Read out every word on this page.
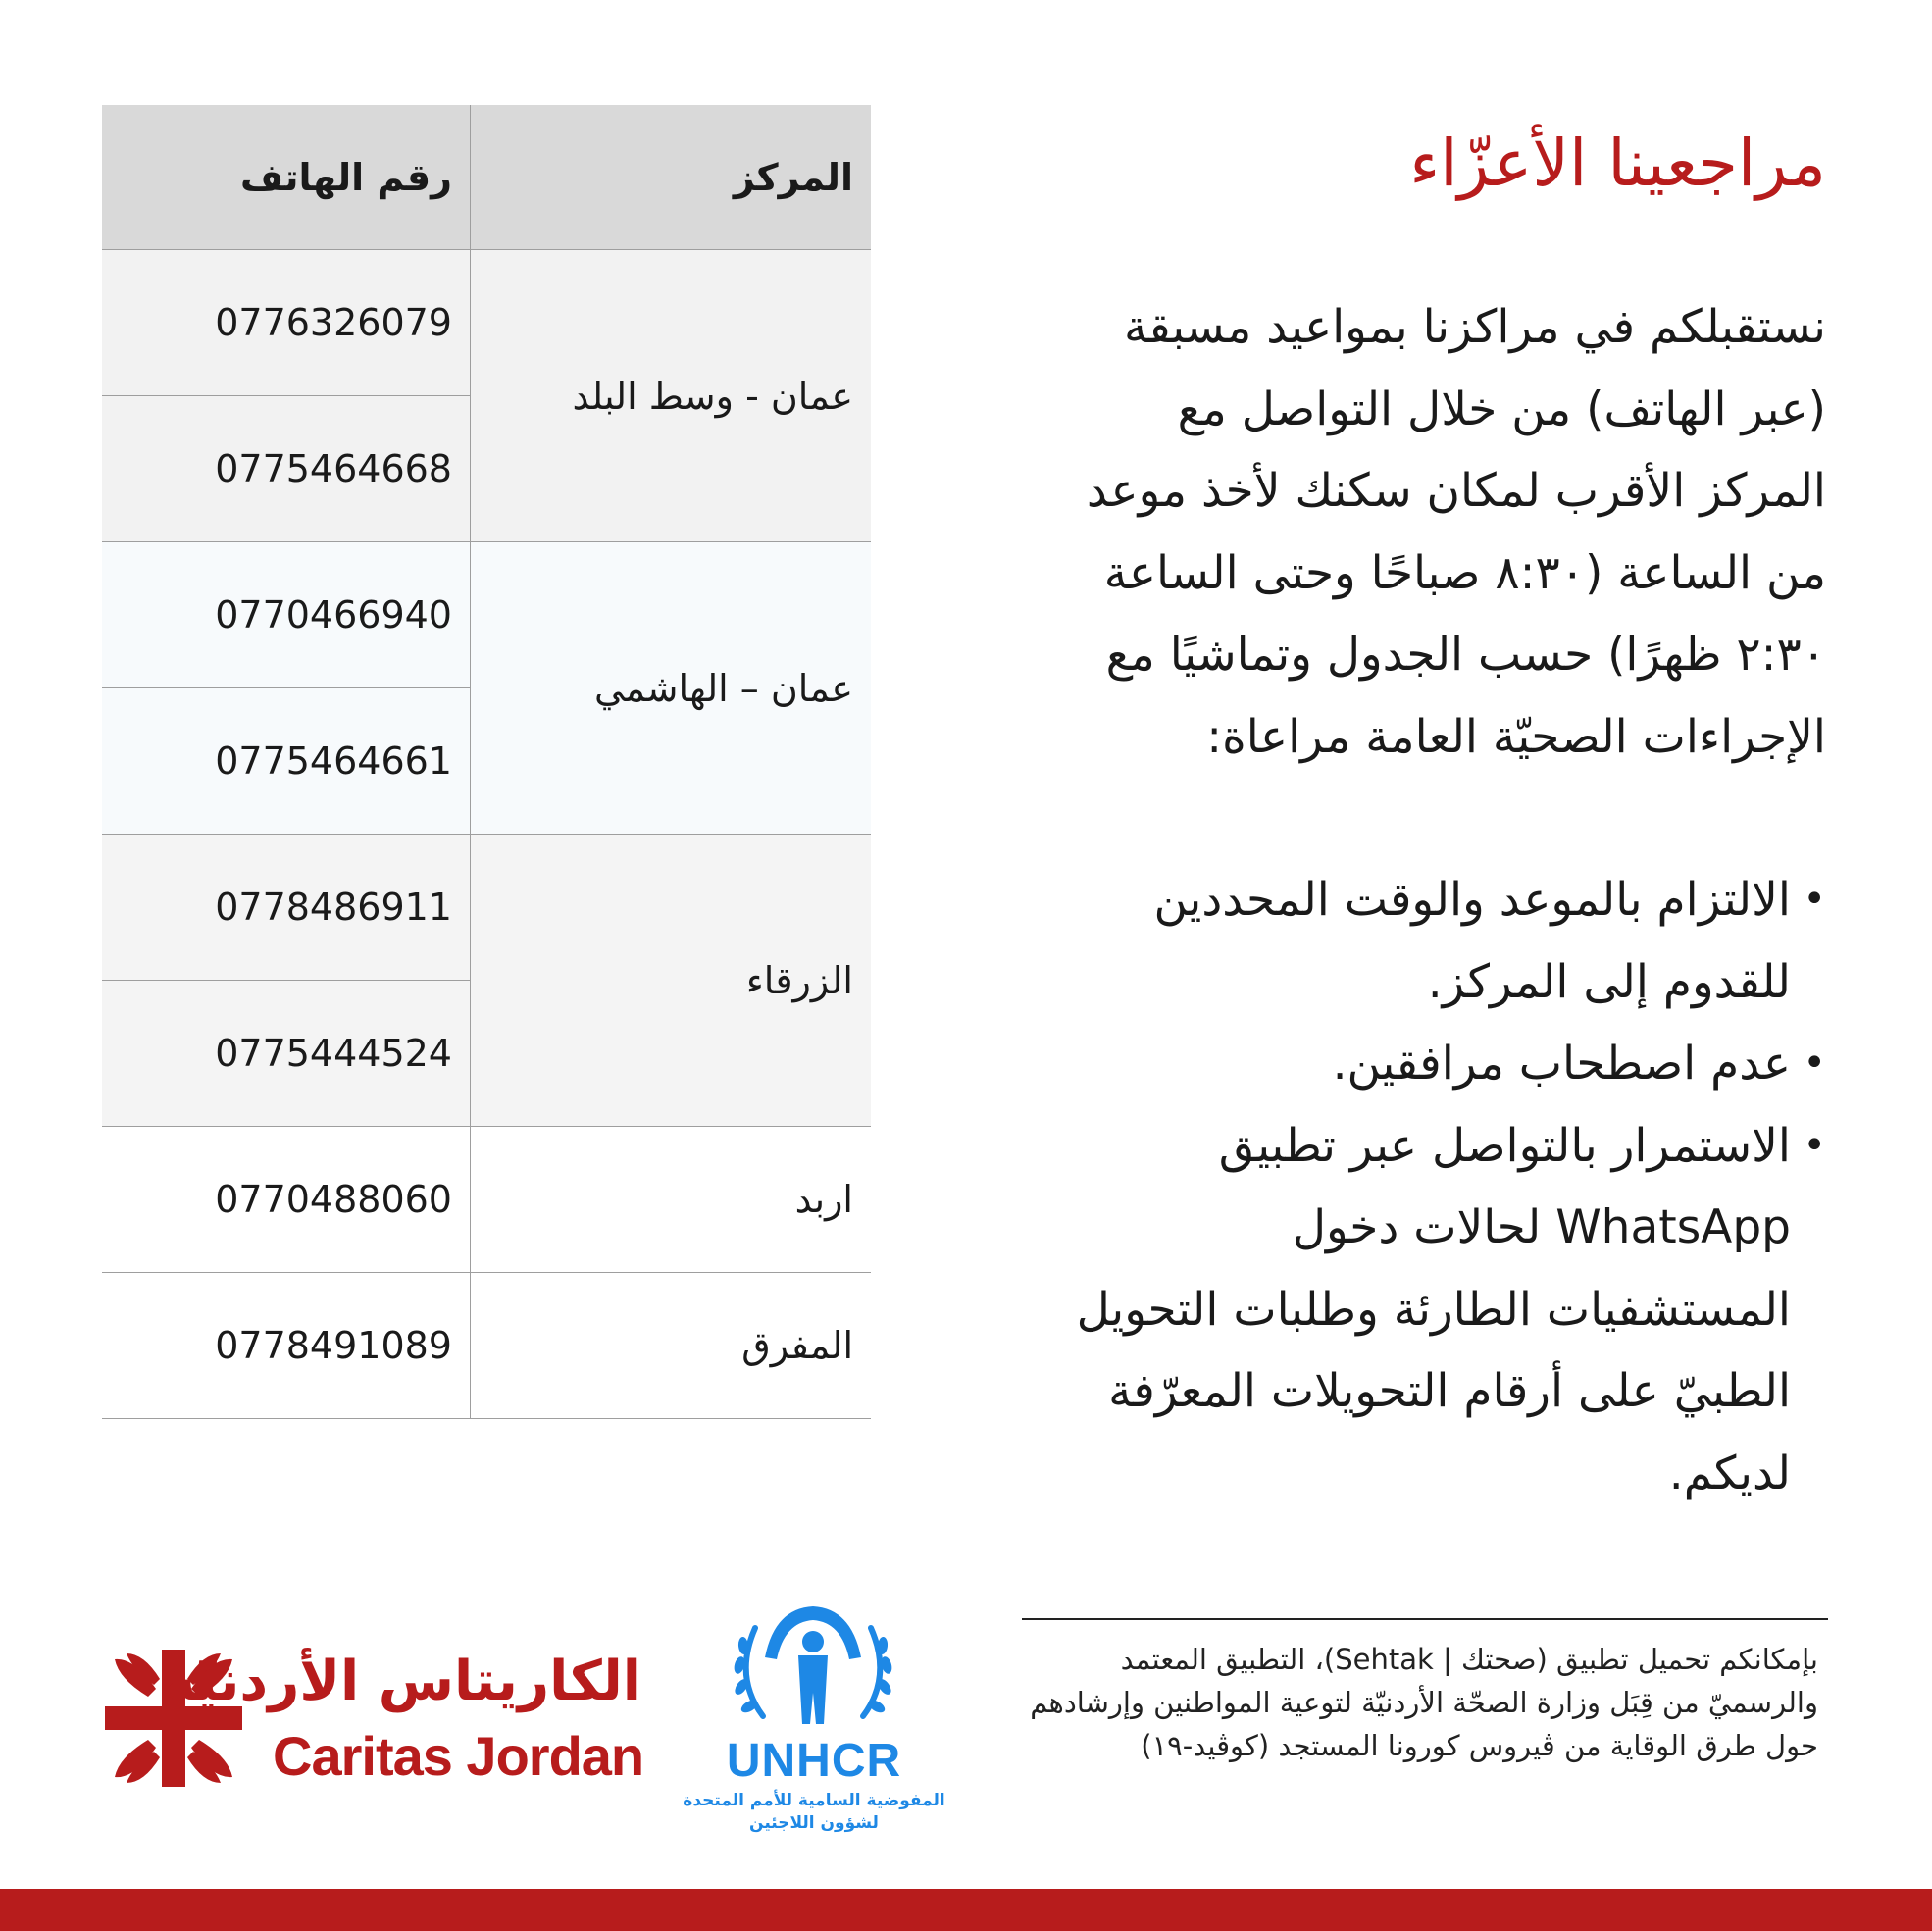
مراجعينا الأعزّاء

نستقبلكم في مراكزنا بمواعيد مسبقة (عبر الهاتف) من خلال التواصل مع المركز الأقرب لمكان سكنك لأخذ موعد من الساعة (٨:٣٠ صباحًا وحتى الساعة ٢:٣٠ ظهرًا) حسب الجدول وتماشيًا مع الإجراءات الصحيّة العامة مراعاة:

•
الالتزام بالموعد والوقت المحددين للقدوم إلى المركز.
•
عدم اصطحاب مرافقين.
•
الاستمرار بالتواصل عبر تطبيق WhatsApp لحالات دخول المستشفيات الطارئة وطلبات التحويل الطبيّ على أرقام التحويلات المعرّفة لديكم.
المركز	رقم الهاتف
عمان - وسط البلد	0776326079
	0775464668
عمان – الهاشمي	0770466940
	0775464661
الزرقاء	0778486911
	0775444524
اربد	0770488060
المفرق	0778491089

بإمكانكم تحميل تطبيق (صحتك | Sehtak)، التطبيق المعتمد والرسميّ من قِبَل وزارة الصحّة الأردنيّة لتوعية المواطنين وإرشادهم حول طرق الوقاية من ڤيروس كورونا المستجد (كوڤيد-١٩)

الكاريتاس الأردنيّة
Caritas Jordan	UNHCR
المفوضية السامية للأمم المتحدة
لشؤون اللاجئين
